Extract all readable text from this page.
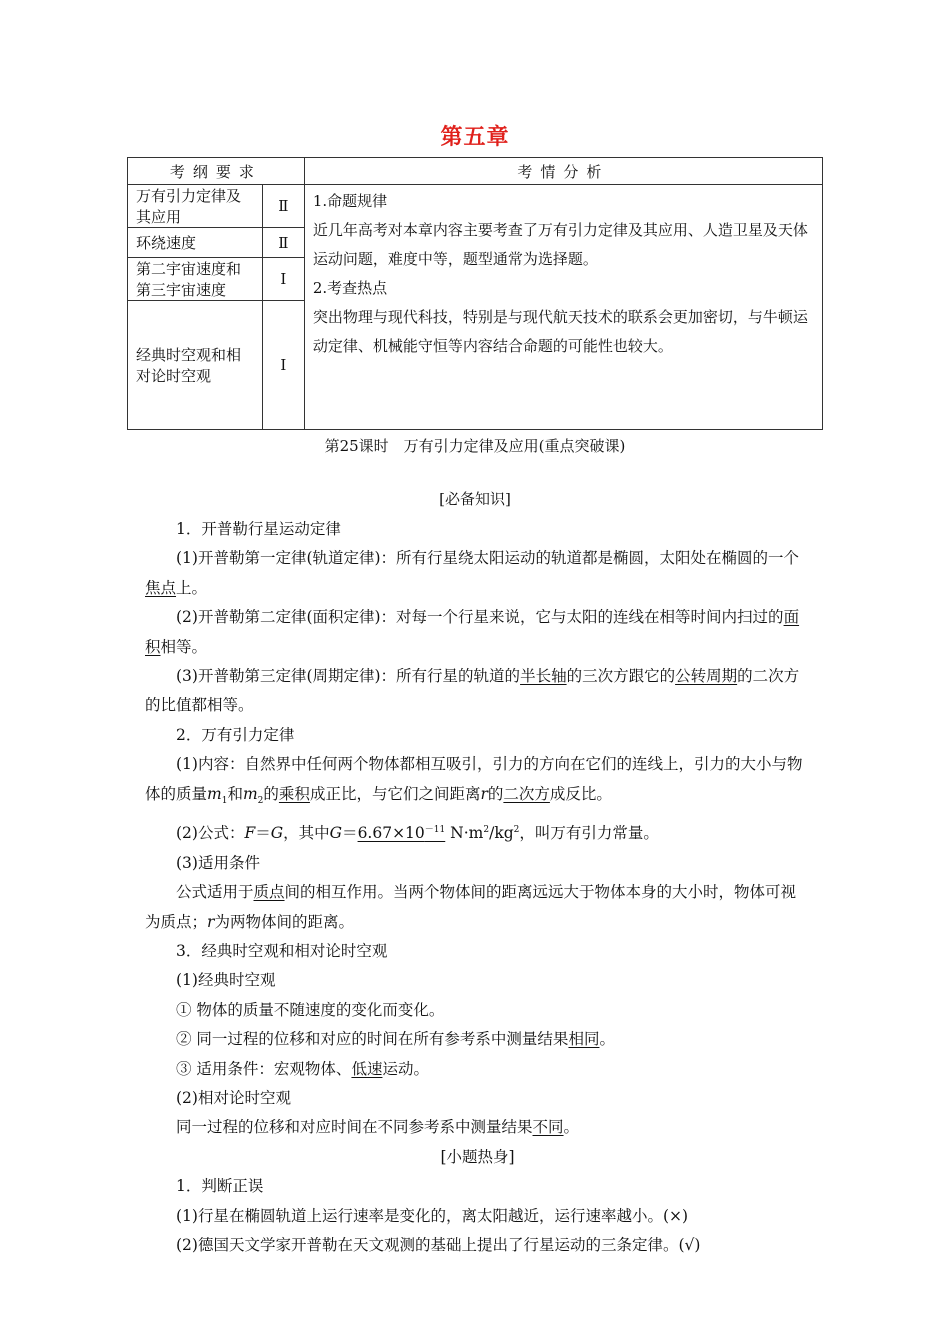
第五章
考纲要求		考情分析
万有引力定律及其应用	Ⅱ	1.命题规律
近几年高考对本章内容主要考查了万有引力定律及其应用、人造卫星及天体运动问题，难度中等，题型通常为选择题。
2.考查热点
突出物理与现代科技，特别是与现代航天技术的联系会更加密切，与牛顿运动定律、机械能守恒等内容结合命题的可能性也较大。

环绕速度	Ⅱ	
第二宇宙速度和第三宇宙速度	Ⅰ	
经典时空观和相对论时空观	Ⅰ	
第25课时　万有引力定律及应用(重点突破课)
[必备知识]

1．开普勒行星运动定律

(1)开普勒第一定律(轨道定律)：所有行星绕太阳运动的轨道都是椭圆，太阳处在椭圆的一个焦点上。

(2)开普勒第二定律(面积定律)：对每一个行星来说，它与太阳的连线在相等时间内扫过的面积相等。

(3)开普勒第三定律(周期定律)：所有行星的轨道的半长轴的三次方跟它的公转周期的二次方的比值都相等。

2．万有引力定律

(1)内容：自然界中任何两个物体都相互吸引，引力的方向在它们的连线上，引力的大小与物体的质量$m_1$和$m_2$的乘积成正比，与它们之间距离r的二次方成反比。

(2)公式：F＝G，其中$G=6.67\times 10^{-11}$ $N\cdot m^2/kg^2$，叫万有引力常量。

(3)适用条件

公式适用于质点间的相互作用。当两个物体间的距离远远大于物体本身的大小时，物体可视为质点；r为两物体间的距离。

3．经典时空观和相对论时空观

(1)经典时空观

① 物体的质量不随速度的变化而变化。

② 同一过程的位移和对应的时间在所有参考系中测量结果相同。

③ 适用条件：宏观物体、低速运动。

(2)相对论时空观

同一过程的位移和对应时间在不同参考系中测量结果不同。

[小题热身]

1．判断正误

(1)行星在椭圆轨道上运行速率是变化的，离太阳越近，运行速率越小。(×)

(2)德国天文学家开普勒在天文观测的基础上提出了行星运动的三条定律。(√)
